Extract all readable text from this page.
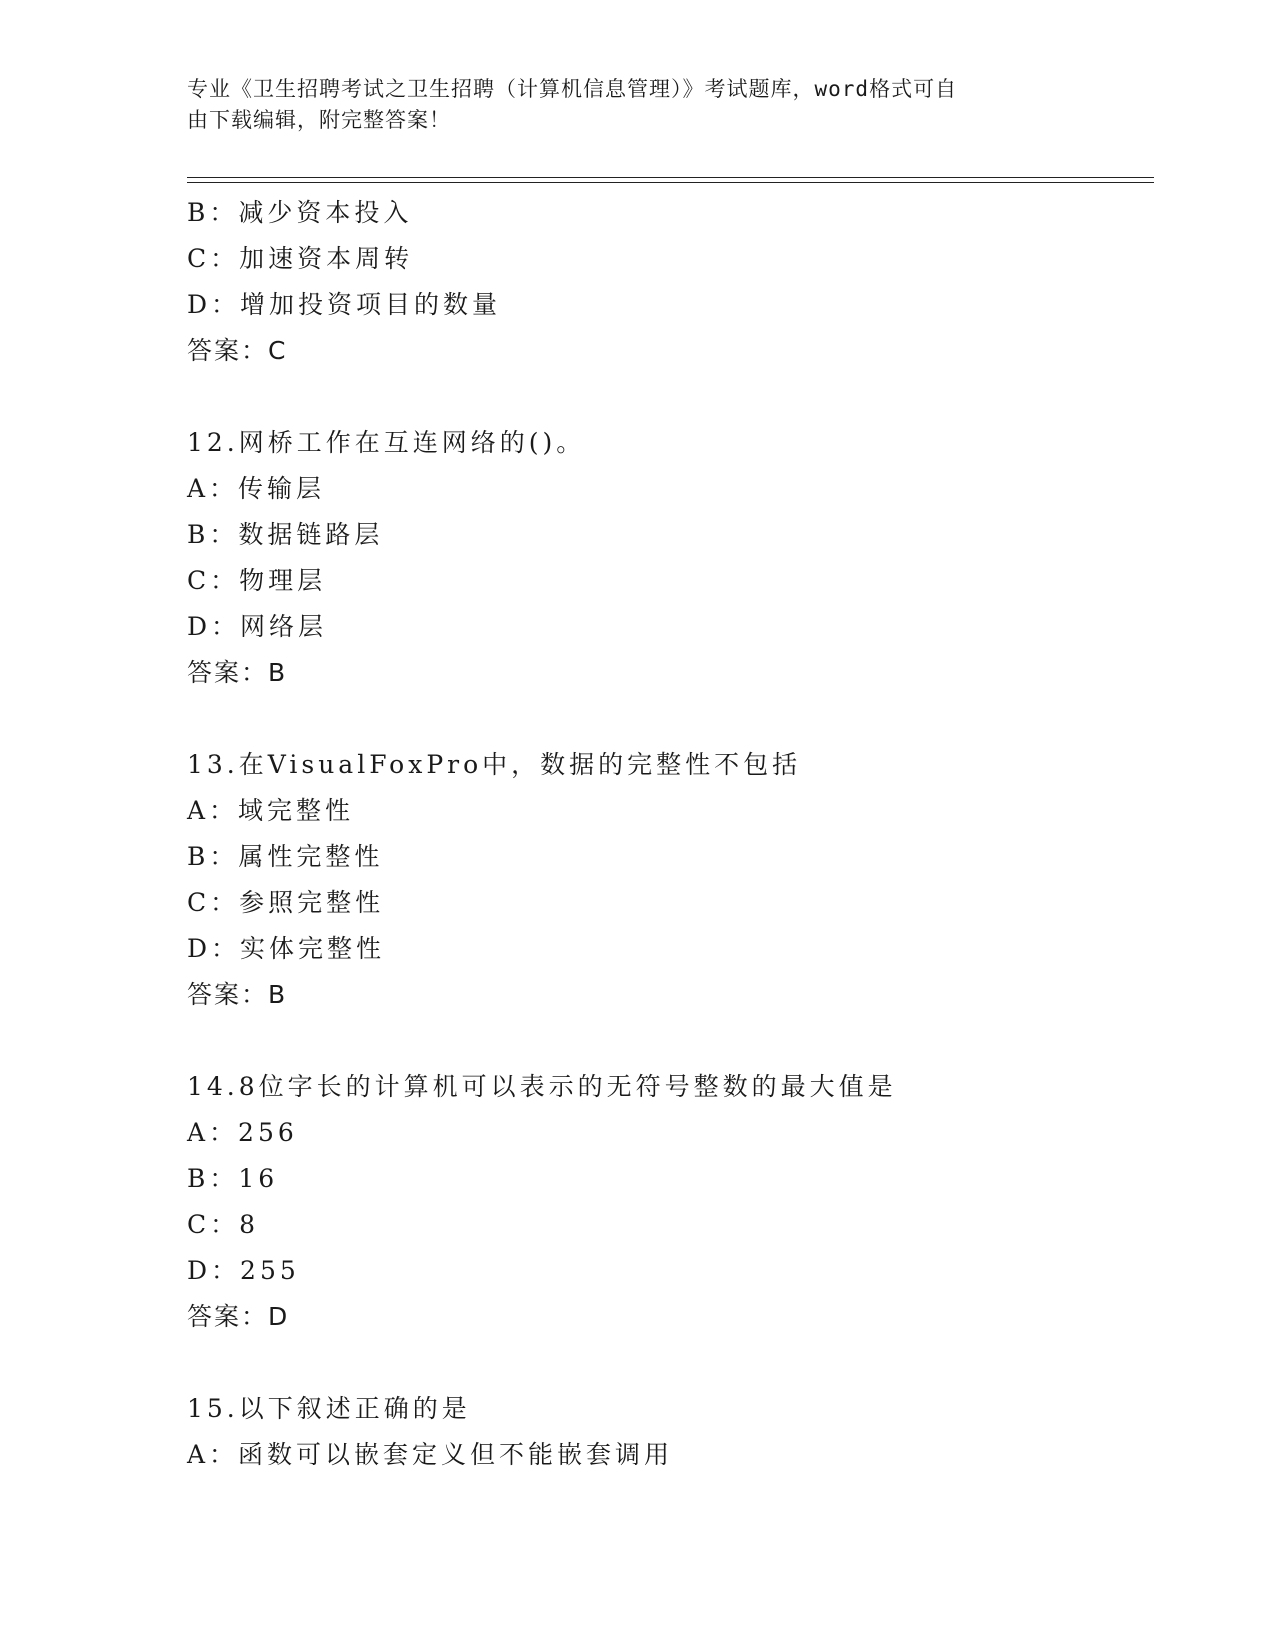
专业《卫生招聘考试之卫生招聘（计算机信息管理）》考试题库，word格式可自
由下载编辑，附完整答案！
B：减少资本投入
C：加速资本周转
D：增加投资项目的数量
答案：C
12.网桥工作在互连网络的()。
A：传输层
B：数据链路层
C：物理层
D：网络层
答案：B
13.在VisualFoxPro中，数据的完整性不包括
A：域完整性
B：属性完整性
C：参照完整性
D：实体完整性
答案：B
14.8位字长的计算机可以表示的无符号整数的最大值是
A：256
B：16
C：8
D：255
答案：D
15.以下叙述正确的是
A：函数可以嵌套定义但不能嵌套调用
